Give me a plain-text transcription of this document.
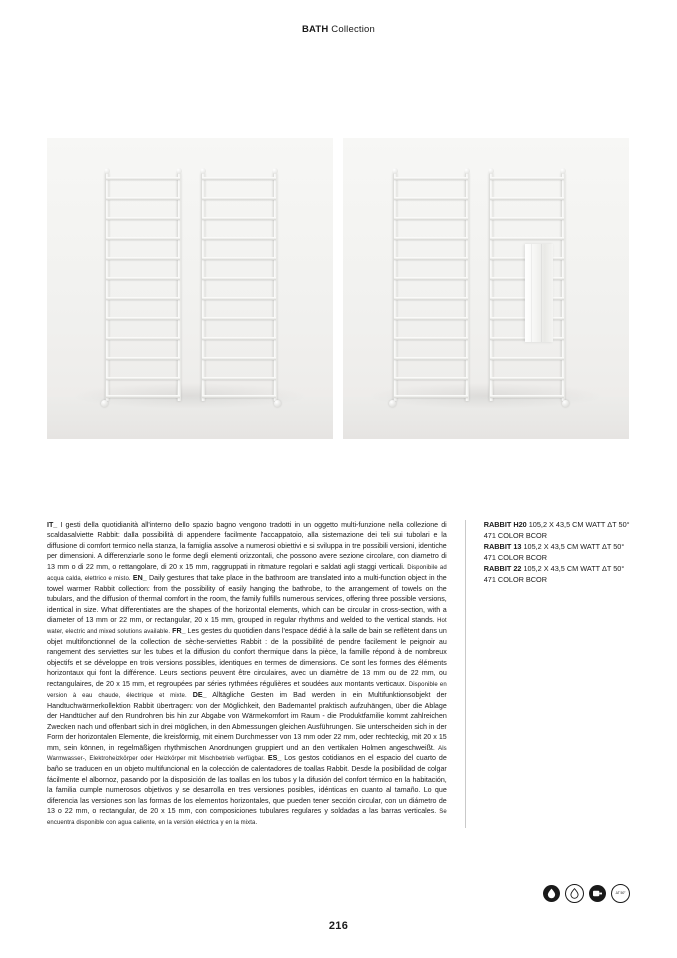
BATH Collection

IT_ I gesti della quotidianità all'interno dello spazio bagno vengono tradotti in un oggetto multi-funzione nella collezione di scaldasalviette Rabbit: dalla possibilità di appendere facilmente l'accappatoio, alla sistemazione dei teli sui tubolari e la diffusione di comfort termico nella stanza, la famiglia assolve a numerosi obiettivi e si sviluppa in tre possibili versioni, identiche per dimensioni. A differenziarle sono le forme degli elementi orizzontali, che possono avere sezione circolare, con diametro di 13 mm o di 22 mm, o rettangolare, di 20 x 15 mm, raggruppati in ritmature regolari e saldati agli staggi verticali. Disponibile ad acqua calda, elettrico e misto. EN_ Daily gestures that take place in the bathroom are translated into a multi-function object in the towel warmer Rabbit collection: from the possibility of easily hanging the bathrobe, to the arrangement of towels on the tubulars, and the diffusion of thermal comfort in the room, the family fulfills numerous services, offering three possible versions, identical in size. What differentiates are the shapes of the horizontal elements, which can be circular in cross-section, with a diameter of 13 mm or 22 mm, or rectangular, 20 x 15 mm, grouped in regular rhythms and welded to the vertical stands. Hot water, electric and mixed solutions available. FR_ Les gestes du quotidien dans l'espace dédié à la salle de bain se reflètent dans un objet multifonctionnel de la collection de sèche-serviettes Rabbit : de la possibilité de pendre facilement le peignoir au rangement des serviettes sur les tubes et la diffusion du confort thermique dans la pièce, la famille répond à de nombreux objectifs et se développe en trois versions possibles, identiques en termes de dimensions. Ce sont les formes des éléments horizontaux qui font la différence. Leurs sections peuvent être circulaires, avec un diamètre de 13 mm ou de 22 mm, ou rectangulaires, de 20 x 15 mm, et regroupées par séries rythmées régulières et soudées aux montants verticaux. Disponible en version à eau chaude, électrique et mixte. DE_ Alltägliche Gesten im Bad werden in ein Multifunktionsobjekt der Handtuchwärmerkollektion Rabbit übertragen: von der Möglichkeit, den Bademantel praktisch aufzuhängen, über die Ablage der Handtücher auf den Rundrohren bis hin zur Abgabe von Wärmekomfort im Raum - die Produktfamilie kommt zahlreichen Zwecken nach und offenbart sich in drei möglichen, in den Abmessungen gleichen Ausführungen. Sie unterscheiden sich in der Form der horizontalen Elemente, die kreisförmig, mit einem Durchmesser von 13 mm oder 22 mm, oder rechteckig, mit 20 x 15 mm, sein können, in regelmäßigen rhythmischen Anordnungen gruppiert und an den vertikalen Holmen angeschweißt. Als Warmwasser-, Elektroheizkörper oder Heizkörper mit Mischbetrieb verfügbar. ES_ Los gestos cotidianos en el espacio del cuarto de baño se traducen en un objeto multifuncional en la colección de calentadores de toallas Rabbit. Desde la posibilidad de colgar fácilmente el albornoz, pasando por la disposición de las toallas en los tubos y la difusión del confort térmico en la habitación, la familia cumple numerosos objetivos y se desarrolla en tres versiones posibles, idénticas en cuanto al tamaño. Lo que diferencia las versiones son las formas de los elementos horizontales, que pueden tener sección circular, con un diámetro de 13 o 22 mm, o rectangular, de 20 x 15 mm, con composiciones tubulares regulares y soldadas a las barras verticales. Se encuentra disponible con agua caliente, en la versión eléctrica y en la mixta.

RABBIT H20 105,2 X 43,5 CM WATT ΔT 50° 471 COLOR BCOR

RABBIT 13 105,2 X 43,5 CM WATT ΔT 50° 471 COLOR BCOR

RABBIT 22 105,2 X 43,5 CM WATT ΔT 50° 471 COLOR BCOR

ΔT 50°
216
